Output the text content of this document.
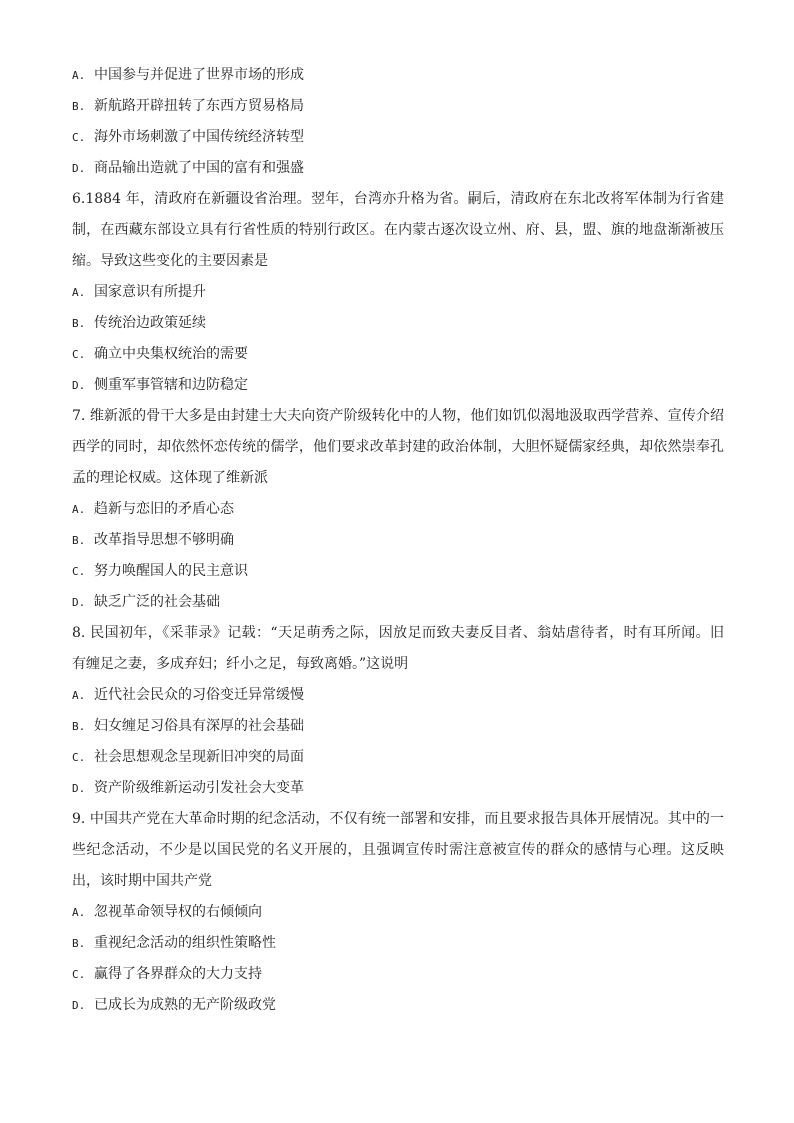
A. 中国参与并促进了世界市场的形成
B. 新航路开辟扭转了东西方贸易格局
C. 海外市场刺激了中国传统经济转型
D. 商品输出造就了中国的富有和强盛
6.1884 年，清政府在新疆设省治理。翌年，台湾亦升格为省。嗣后，清政府在东北改将军体制为行省建
制，在西藏东部设立具有行省性质的特别行政区。在内蒙古逐次设立州、府、县，盟、旗的地盘渐渐被压
缩。导致这些变化的主要因素是
A. 国家意识有所提升
B. 传统治边政策延续
C. 确立中央集权统治的需要
D. 侧重军事管辖和边防稳定
7. 维新派的骨干大多是由封建士大夫向资产阶级转化中的人物，他们如饥似渴地汲取西学营养、宣传介绍
西学的同时，却依然怀恋传统的儒学，他们要求改革封建的政治体制，大胆怀疑儒家经典，却依然崇奉孔
孟的理论权威。这体现了维新派
A. 趋新与恋旧的矛盾心态
B. 改革指导思想不够明确
C. 努力唤醒国人的民主意识
D. 缺乏广泛的社会基础
8. 民国初年，《采菲录》记载：“天足萌秀之际，因放足而致夫妻反目者、翁姑虐待者，时有耳所闻。旧
有缠足之妻，多成弃妇；纤小之足，每致离婚。”这说明
A. 近代社会民众的习俗变迁异常缓慢
B. 妇女缠足习俗具有深厚的社会基础
C. 社会思想观念呈现新旧冲突的局面
D. 资产阶级维新运动引发社会大变革
9. 中国共产党在大革命时期的纪念活动，不仅有统一部署和安排，而且要求报告具体开展情况。其中的一
些纪念活动，不少是以国民党的名义开展的，且强调宣传时需注意被宣传的群众的感情与心理。这反映
出，该时期中国共产党
A. 忽视革命领导权的右倾倾向
B. 重视纪念活动的组织性策略性
C. 赢得了各界群众的大力支持
D. 已成长为成熟的无产阶级政党
